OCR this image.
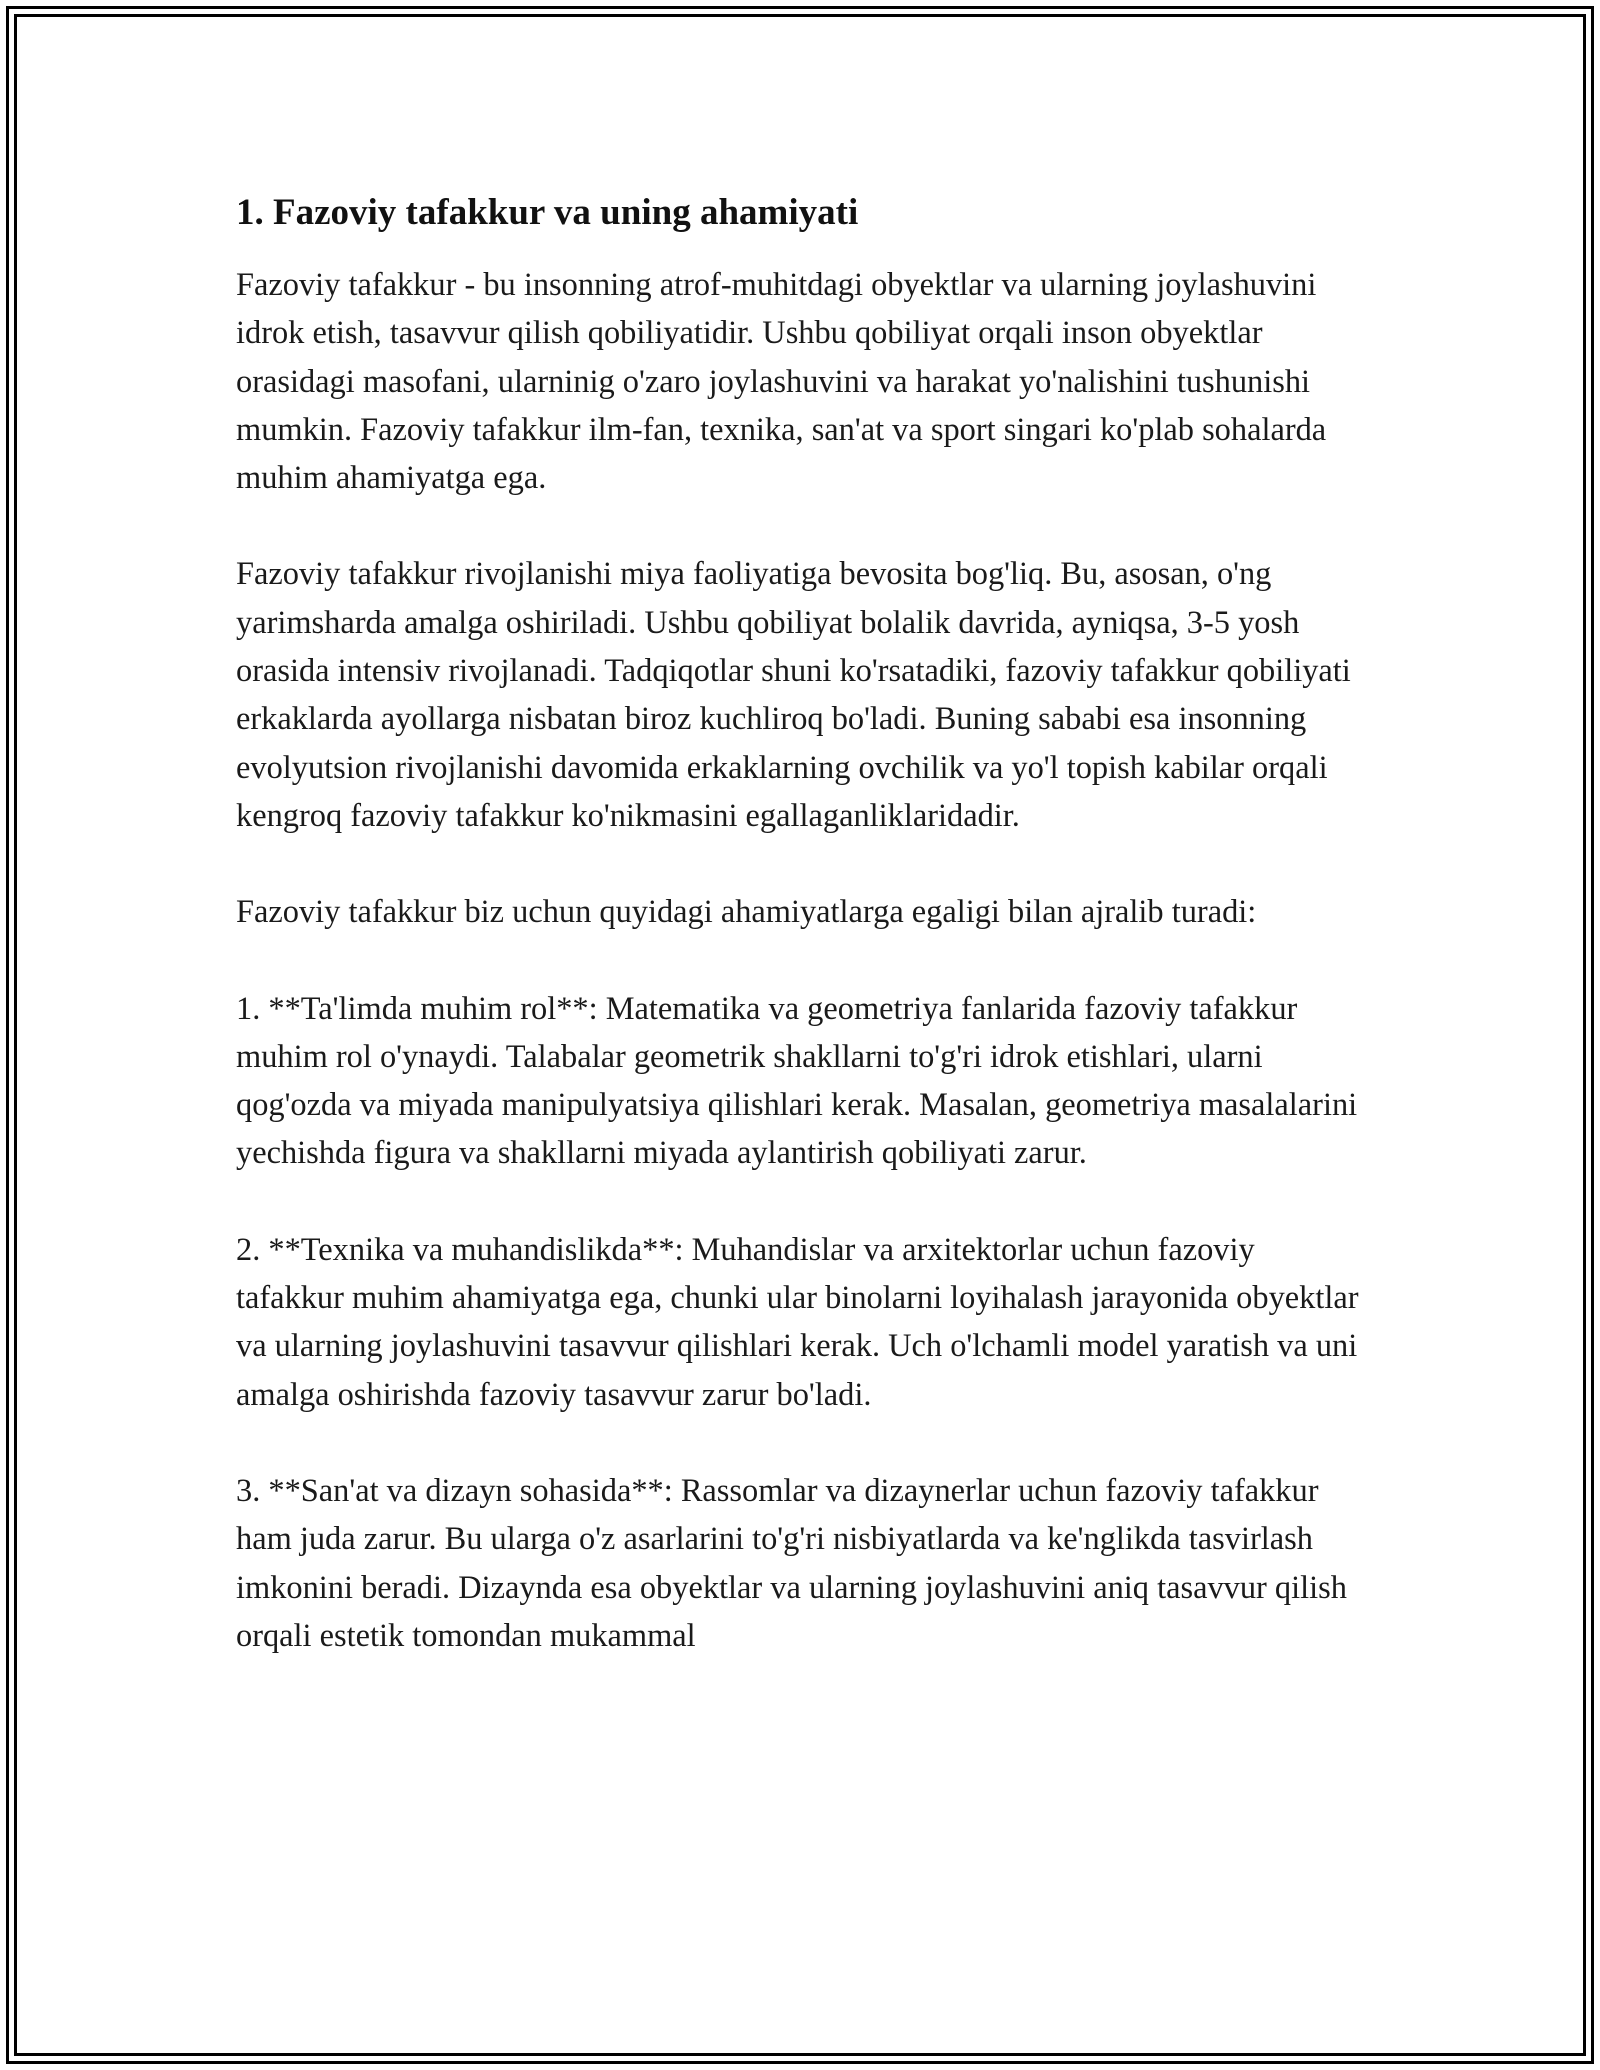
1. Fazoviy tafakkur va uning ahamiyati

Fazoviy tafakkur - bu insonning atrof-muhitdagi obyektlar va ularning joylashuvini idrok etish, tasavvur qilish qobiliyatidir. Ushbu qobiliyat orqali inson obyektlar orasidagi masofani, ularninig o'zaro joylashuvini va harakat yo'nalishini tushunishi mumkin. Fazoviy tafakkur ilm-fan, texnika, san'at va sport singari ko'plab sohalarda muhim ahamiyatga ega.

Fazoviy tafakkur rivojlanishi miya faoliyatiga bevosita bog'liq. Bu, asosan, o'ng yarimsharda amalga oshiriladi. Ushbu qobiliyat bolalik davrida, ayniqsa, 3-5 yosh orasida intensiv rivojlanadi. Tadqiqotlar shuni ko'rsatadiki, fazoviy tafakkur qobiliyati erkaklarda ayollarga nisbatan biroz kuchliroq bo'ladi. Buning sababi esa insonning evolyutsion rivojlanishi davomida erkaklarning ovchilik va yo'l topish kabilar orqali kengroq fazoviy tafakkur ko'nikmasini egallaganliklaridadir.

Fazoviy tafakkur biz uchun quyidagi ahamiyatlarga egaligi bilan ajralib turadi:

1. **Ta'limda muhim rol**: Matematika va geometriya fanlarida fazoviy tafakkur muhim rol o'ynaydi. Talabalar geometrik shakllarni to'g'ri idrok etishlari, ularni qog'ozda va miyada manipulyatsiya qilishlari kerak. Masalan, geometriya masalalarini yechishda figura va shakllarni miyada aylantirish qobiliyati zarur.

2. **Texnika va muhandislikda**: Muhandislar va arxitektorlar uchun fazoviy tafakkur muhim ahamiyatga ega, chunki ular binolarni loyihalash jarayonida obyektlar va ularning joylashuvini tasavvur qilishlari kerak. Uch o'lchamli model yaratish va uni amalga oshirishda fazoviy tasavvur zarur bo'ladi.

3. **San'at va dizayn sohasida**: Rassomlar va dizaynerlar uchun fazoviy tafakkur ham juda zarur. Bu ularga o'z asarlarini to'g'ri nisbiyatlarda va ke'nglikda tasvirlash imkonini beradi. Dizaynda esa obyektlar va ularning joylashuvini aniq tasavvur qilish orqali estetik tomondan mukammal
